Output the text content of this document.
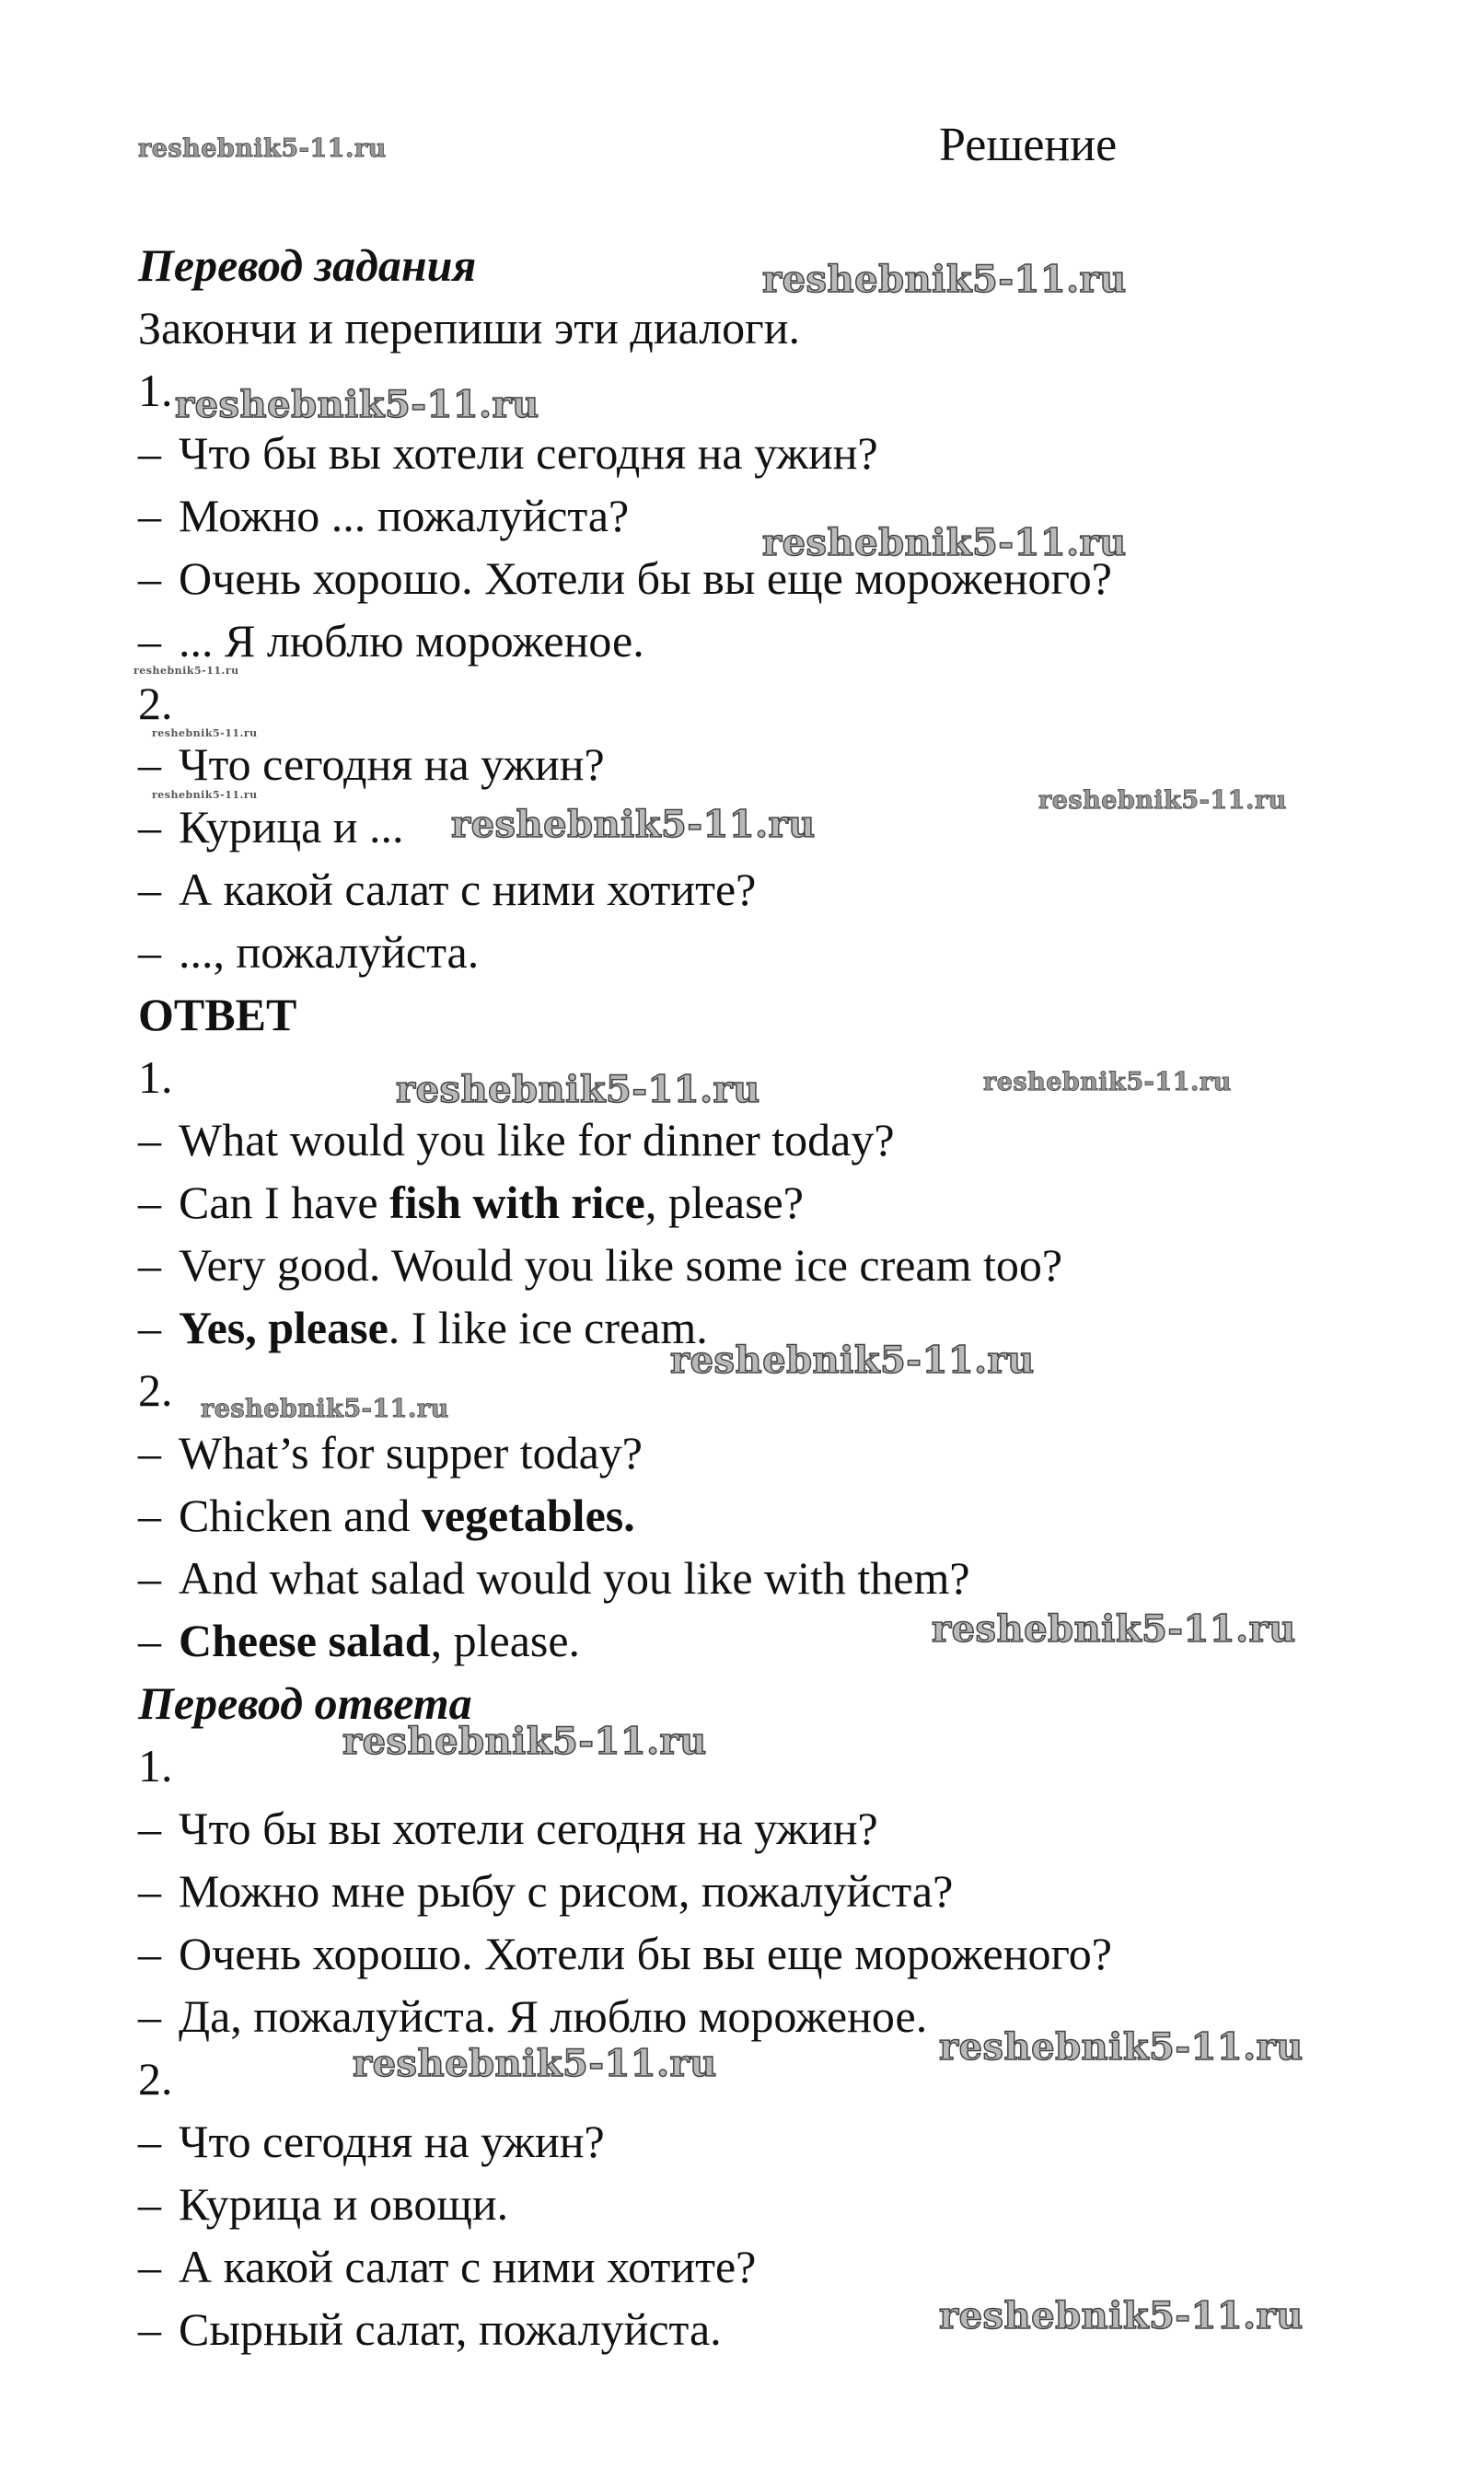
reshebnik5-11.ru	Решение
Перевод задания
Закончи и перепиши эти диалоги.
1.
– Что бы вы хотели сегодня на ужин?
– Можно ... пожалуйста?
– Очень хорошо. Хотели бы вы еще мороженого?
– ... Я люблю мороженое.
2.
– Что сегодня на ужин?
– Курица и ...
– А какой салат с ними хотите?
– ..., пожалуйста.
ОТВЕТ
1.
– What would you like for dinner today?
– Can I have fish with rice, please?
– Very good. Would you like some ice cream too?
– Yes, please. I like ice cream.
2.
– What’s for supper today?
– Chicken and vegetables.
– And what salad would you like with them?
– Cheese salad, please.
Перевод ответа
1.
– Что бы вы хотели сегодня на ужин?
– Можно мне рыбу с рисом, пожалуйста?
– Очень хорошо. Хотели бы вы еще мороженого?
– Да, пожалуйста. Я люблю мороженое.
2.
– Что сегодня на ужин?
– Курица и овощи.
– А какой салат с ними хотите?
– Сырный салат, пожалуйста.
reshebnik5-11.ru
reshebnik5-11.ru
reshebnik5-11.ru
reshebnik5-11.ru
reshebnik5-11.ru
reshebnik5-11.ru	reshebnik5-11.ru
reshebnik5-11.ru
reshebnik5-11.ru	reshebnik5-11.ru
reshebnik5-11.ru
reshebnik5-11.ru
reshebnik5-11.ru
reshebnik5-11.ru
reshebnik5-11.ru
reshebnik5-11.ru
reshebnik5-11.ru
